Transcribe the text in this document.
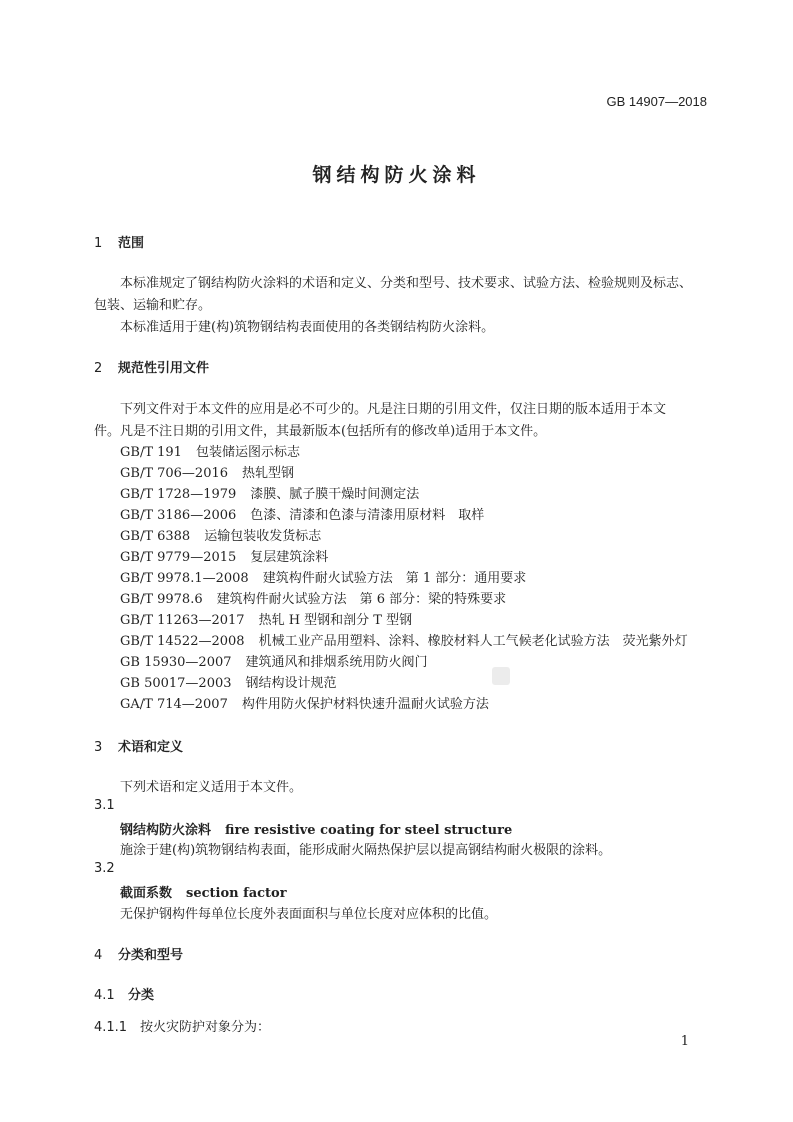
GB 14907—2018
钢结构防火涂料
1 范围
本标准规定了钢结构防火涂料的术语和定义、分类和型号、技术要求、试验方法、检验规则及标志、
包装、运输和贮存。
本标准适用于建(构)筑物钢结构表面使用的各类钢结构防火涂料。
2 规范性引用文件
下列文件对于本文件的应用是必不可少的。凡是注日期的引用文件，仅注日期的版本适用于本文
件。凡是不注日期的引用文件，其最新版本(包括所有的修改单)适用于本文件。
GB/T 191 包装储运图示标志
GB/T 706—2016 热轧型钢
GB/T 1728—1979 漆膜、腻子膜干燥时间测定法
GB/T 3186—2006 色漆、清漆和色漆与清漆用原材料　取样
GB/T 6388 运输包装收发货标志
GB/T 9779—2015 复层建筑涂料
GB/T 9978.1—2008 建筑构件耐火试验方法　第 1 部分：通用要求
GB/T 9978.6 建筑构件耐火试验方法　第 6 部分：梁的特殊要求
GB/T 11263—2017 热轧 H 型钢和剖分 T 型钢
GB/T 14522—2008 机械工业产品用塑料、涂料、橡胶材料人工气候老化试验方法　荧光紫外灯
GB 15930—2007 建筑通风和排烟系统用防火阀门
GB 50017—2003 钢结构设计规范
GA/T 714—2007 构件用防火保护材料快速升温耐火试验方法
3 术语和定义
下列术语和定义适用于本文件。
3.1
钢结构防火涂料 fire resistive coating for steel structure
施涂于建(构)筑物钢结构表面，能形成耐火隔热保护层以提高钢结构耐火极限的涂料。
3.2
截面系数 section factor
无保护钢构件每单位长度外表面面积与单位长度对应体积的比值。
4 分类和型号
4.1 分类
4.1.1 按火灾防护对象分为：
1
